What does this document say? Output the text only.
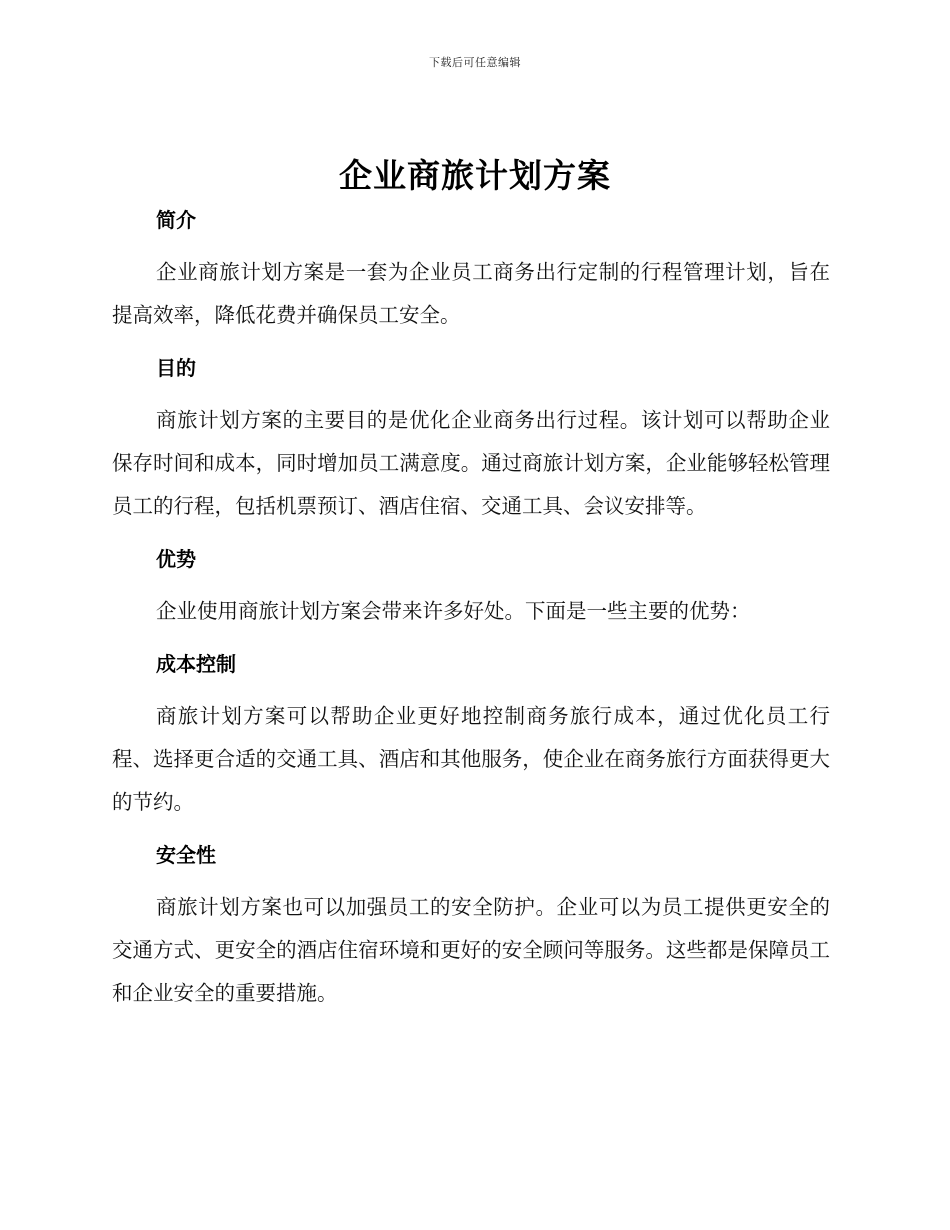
下载后可任意编辑
企业商旅计划方案
简介

企业商旅计划方案是一套为企业员工商务出行定制的行程管理计划，旨在提高效率，降低花费并确保员工安全。

目的

商旅计划方案的主要目的是优化企业商务出行过程。该计划可以帮助企业保存时间和成本，同时增加员工满意度。通过商旅计划方案，企业能够轻松管理员工的行程，包括机票预订、酒店住宿、交通工具、会议安排等。

优势

企业使用商旅计划方案会带来许多好处。下面是一些主要的优势：

成本控制

商旅计划方案可以帮助企业更好地控制商务旅行成本，通过优化员工行程、选择更合适的交通工具、酒店和其他服务，使企业在商务旅行方面获得更大的节约。

安全性

商旅计划方案也可以加强员工的安全防护。企业可以为员工提供更安全的交通方式、更安全的酒店住宿环境和更好的安全顾问等服务。这些都是保障员工和企业安全的重要措施。
